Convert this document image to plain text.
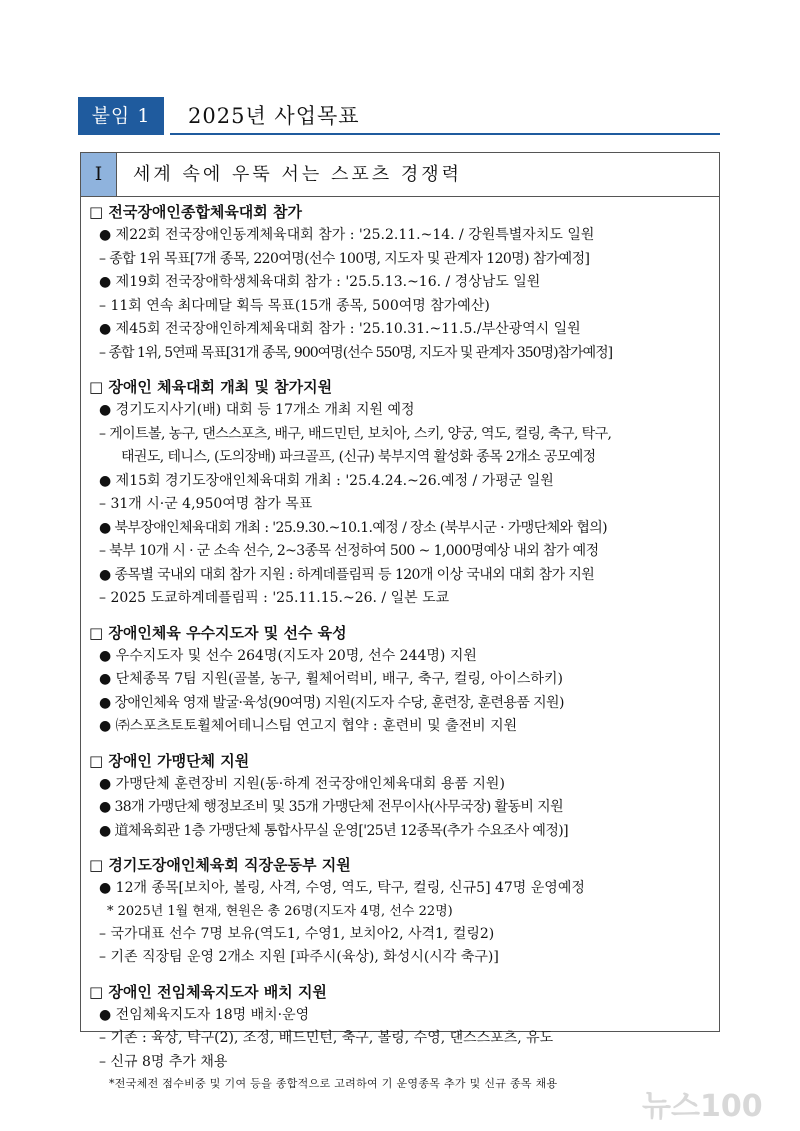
붙임 1	2025년 사업목표
I	세계 속에 우뚝 서는 스포츠 경쟁력
□ 전국장애인종합체육대회 참가
● 제22회 전국장애인동계체육대회 참가 : '25.2.11.~14. / 강원특별자치도 일원
– 종합 1위 목표[7개 종목, 220여명(선수 100명, 지도자 및 관계자 120명) 참가예정]
● 제19회 전국장애학생체육대회 참가 : '25.5.13.~16. / 경상남도 일원
– 11회 연속 최다메달 획득 목표(15개 종목, 500여명 참가예산)
● 제45회 전국장애인하계체육대회 참가 : '25.10.31.~11.5./부산광역시 일원
– 종합 1위, 5연패 목표[31개 종목, 900여명(선수 550명, 지도자 및 관계자 350명)참가예정]
□ 장애인 체육대회 개최 및 참가지원
● 경기도지사기(배) 대회 등 17개소 개최 지원 예정
– 게이트볼, 농구, 댄스스포츠, 배구, 배드민턴, 보치아, 스키, 양궁, 역도, 컬링, 축구, 탁구,
태권도, 테니스, (도의장배) 파크골프, (신규) 북부지역 활성화 종목 2개소 공모예정
● 제15회 경기도장애인체육대회 개최 : '25.4.24.~26.예정 / 가평군 일원
– 31개 시·군 4,950여명 참가 목표
● 북부장애인체육대회 개최 : '25.9.30.~10.1.예정 / 장소 (북부시군 · 가맹단체와 협의)
– 북부 10개 시 · 군 소속 선수, 2~3종목 선정하여 500 ~ 1,000명예상 내외 참가 예정
● 종목별 국내외 대회 참가 지원 : 하계데플림픽 등 120개 이상 국내외 대회 참가 지원
– 2025 도쿄하계데플림픽 : '25.11.15.~26. / 일본 도쿄
□ 장애인체육 우수지도자 및 선수 육성
● 우수지도자 및 선수 264명(지도자 20명, 선수 244명) 지원
● 단체종목 7팀 지원(골볼, 농구, 휠체어럭비, 배구, 축구, 컬링, 아이스하키)
● 장애인체육 영재 발굴·육성(90여명) 지원(지도자 수당, 훈련장, 훈련용품 지원)
● ㈜스포츠토토휠체어테니스팀 연고지 협약 : 훈련비 및 출전비 지원
□ 장애인 가맹단체 지원
● 가맹단체 훈련장비 지원(동·하계 전국장애인체육대회 용품 지원)
● 38개 가맹단체 행정보조비 및 35개 가맹단체 전무이사(사무국장) 활동비 지원
● 道체육회관 1층 가맹단체 통합사무실 운영['25년 12종목(추가 수요조사 예정)]
□ 경기도장애인체육회 직장운동부 지원
● 12개 종목[보치아, 볼링, 사격, 수영, 역도, 탁구, 컬링, 신규5] 47명 운영예정
* 2025년 1월 현재, 현원은 총 26명(지도자 4명, 선수 22명)
– 국가대표 선수 7명 보유(역도1, 수영1, 보치아2, 사격1, 컬링2)
– 기존 직장팀 운영 2개소 지원 [파주시(육상), 화성시(시각 축구)]
□ 장애인 전임체육지도자 배치 지원
● 전임체육지도자 18명 배치·운영
– 기존 : 육상, 탁구(2), 조정, 배드민턴, 축구, 볼링, 수영, 댄스스포츠, 유도
– 신규 8명 추가 채용
*전국체전 점수비중 및 기여 등을 종합적으로 고려하여 기 운영종목 추가 및 신규 종목 채용
뉴스100
